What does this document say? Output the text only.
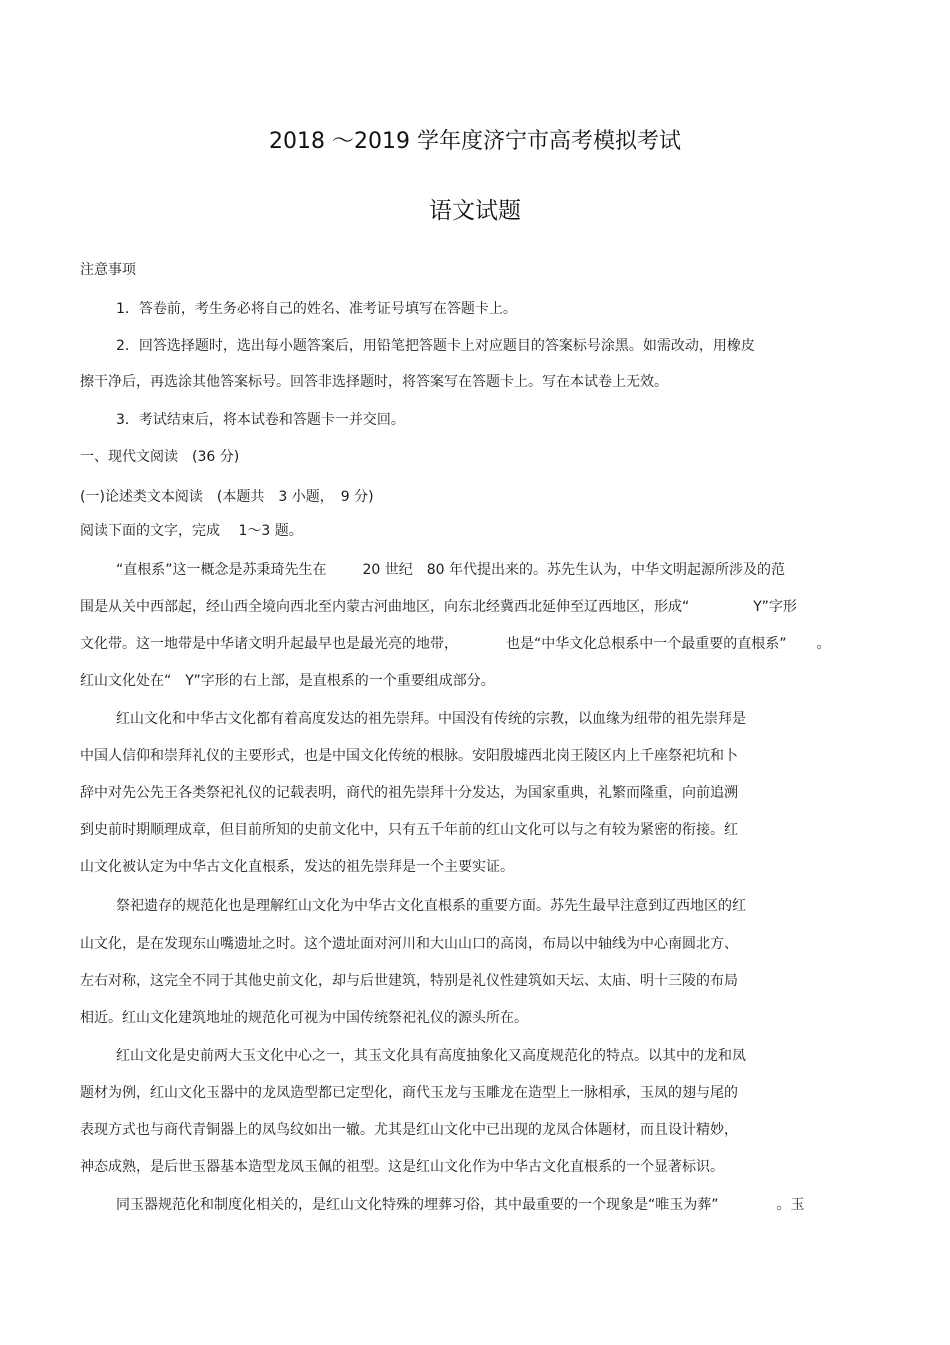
2018 ～2019 学年度济宁市高考模拟考试
语文试题
注意事项
1．答卷前，考生务必将自己的姓名、准考证号填写在答题卡上。
2．回答选择题时，选出每小题答案后，用铅笔把答题卡上对应题目的答案标号涂黑。如需改动，用橡皮
擦干净后，再选涂其他答案标号。回答非选择题时，将答案写在答题卡上。写在本试卷上无效。
3．考试结束后，将本试卷和答题卡一并交回。
一、现代文阅读　(36 分)
(一)论述类文本阅读　(本题共　3 小题，　9 分)
阅读下面的文字，完成　 1～3 题。
“直根系”这一概念是苏秉琦先生在	20 世纪　80 年代提出来的。苏先生认为，中华文明起源所涉及的范
围是从关中西部起，经山西全境向西北至内蒙古河曲地区，向东北经冀西北延伸至辽西地区，形成“	Y”字形
文化带。这一地带是中华诸文明升起最早也是最光亮的地带，	也是“中华文化总根系中一个最重要的直根系” 。
红山文化处在“　Y”字形的右上部，是直根系的一个重要组成部分。
红山文化和中华古文化都有着高度发达的祖先崇拜。中国没有传统的宗教，以血缘为纽带的祖先崇拜是
中国人信仰和崇拜礼仪的主要形式，也是中国文化传统的根脉。安阳殷墟西北岗王陵区内上千座祭祀坑和卜
辞中对先公先王各类祭祀礼仪的记载表明，商代的祖先崇拜十分发达，为国家重典，礼繁而隆重，向前追溯
到史前时期顺理成章，但目前所知的史前文化中，只有五千年前的红山文化可以与之有较为紧密的衔接。红
山文化被认定为中华古文化直根系，发达的祖先崇拜是一个主要实证。
祭祀遗存的规范化也是理解红山文化为中华古文化直根系的重要方面。苏先生最早注意到辽西地区的红
山文化，是在发现东山嘴遗址之时。这个遗址面对河川和大山山口的高岗，布局以中轴线为中心南圆北方、
左右对称，这完全不同于其他史前文化，却与后世建筑，特别是礼仪性建筑如天坛、太庙、明十三陵的布局
相近。红山文化建筑地址的规范化可视为中国传统祭祀礼仪的源头所在。
红山文化是史前两大玉文化中心之一，其玉文化具有高度抽象化又高度规范化的特点。以其中的龙和凤
题材为例，红山文化玉器中的龙凤造型都已定型化，商代玉龙与玉雕龙在造型上一脉相承，玉凤的翅与尾的
表现方式也与商代青铜器上的凤鸟纹如出一辙。尤其是红山文化中已出现的龙凤合体题材，而且设计精妙，
神态成熟，是后世玉器基本造型龙凤玉佩的祖型。这是红山文化作为中华古文化直根系的一个显著标识。
同玉器规范化和制度化相关的，是红山文化特殊的埋葬习俗，其中最重要的一个现象是“唯玉为葬”	。玉
